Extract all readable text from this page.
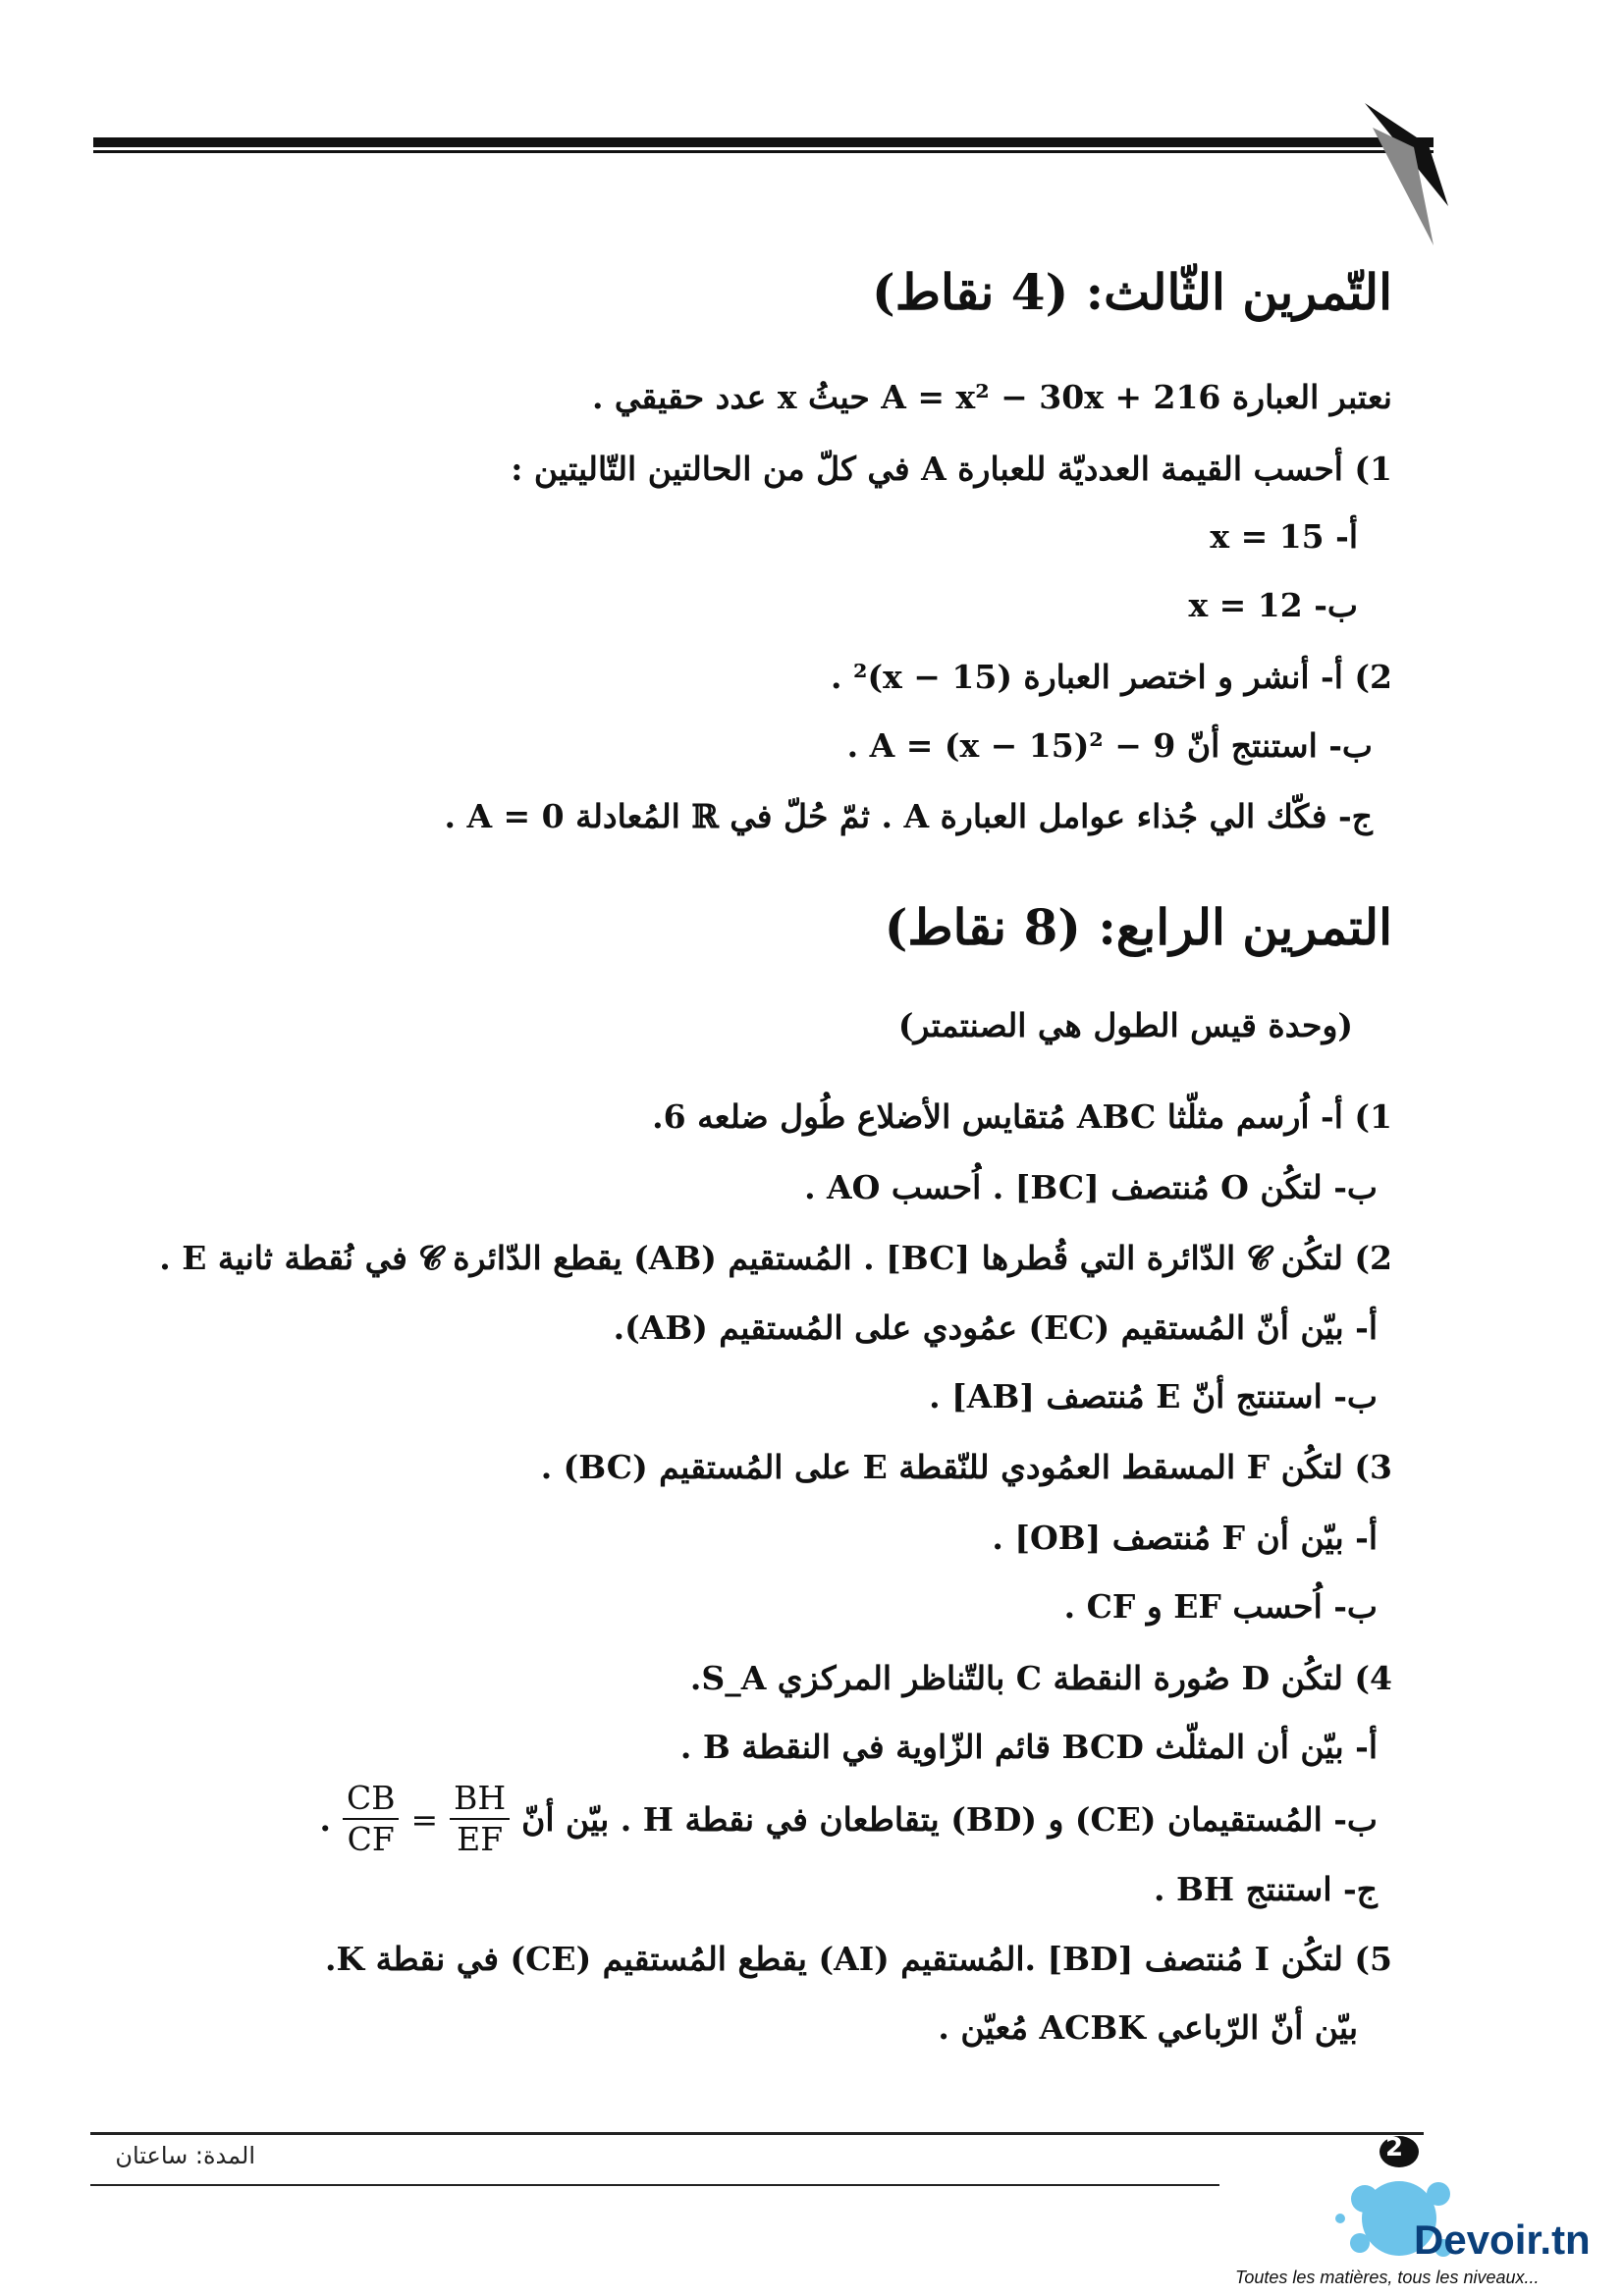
التّمرين الثّالث: (4 نقاط)
نعتبر العبارة A = x² − 30x + 216 حيثُ x عدد حقيقي .
1) أحسب القيمة العدديّة للعبارة A في كلّ من الحالتين التّاليتين :
أ- x = 15
ب- x = 12
2) أ- أنشر و اختصر العبارة (x − 15)² .
ب- استنتج أنّ A = (x − 15)² − 9 .
ج- فكّك الي جُذاء عوامل العبارة A . ثمّ حُلّ في ℝ المُعادلة A = 0 .
التمرين الرابع: (8 نقاط)
(وحدة قيس الطول هي الصنتمتر)
1) أ- اُرسم مثلّثا ABC مُتقايس الأضلاع طُول ضلعه 6.
ب- لتكُن O مُنتصف [BC] . اُحسب AO .
2) لتكُن 𝓒 الدّائرة التي قُطرها [BC] . المُستقيم (AB) يقطع الدّائرة 𝓒 في نُقطة ثانية E .
أ- بيّن أنّ المُستقيم (EC) عمُودي على المُستقيم (AB).
ب- استنتج أنّ E مُنتصف [AB] .
3) لتكُن F المسقط العمُودي للنّقطة E على المُستقيم (BC) .
أ- بيّن أن F مُنتصف [OB] .
ب- اُحسب EF و CF .
4) لتكُن D صُورة النقطة C بالتّناظر المركزي S_A.
أ- بيّن أن المثلّث BCD قائم الزّاوية في النقطة B .
ب- المُستقيمان (CE) و (BD) يتقاطعان في نقطة H . بيّن أنّ
$\frac{BH}{EF}$
=
$\frac{CB}{CF}$
.
ج- استنتج BH .
5) لتكُن I مُنتصف [BD] .المُستقيم (AI) يقطع المُستقيم (CE) في نقطة K.
بيّن أنّ الرّباعي ACBK مُعيّن .
المدة: ساعتان	2
Devoir.tn
Toutes les matières, tous les niveaux...
